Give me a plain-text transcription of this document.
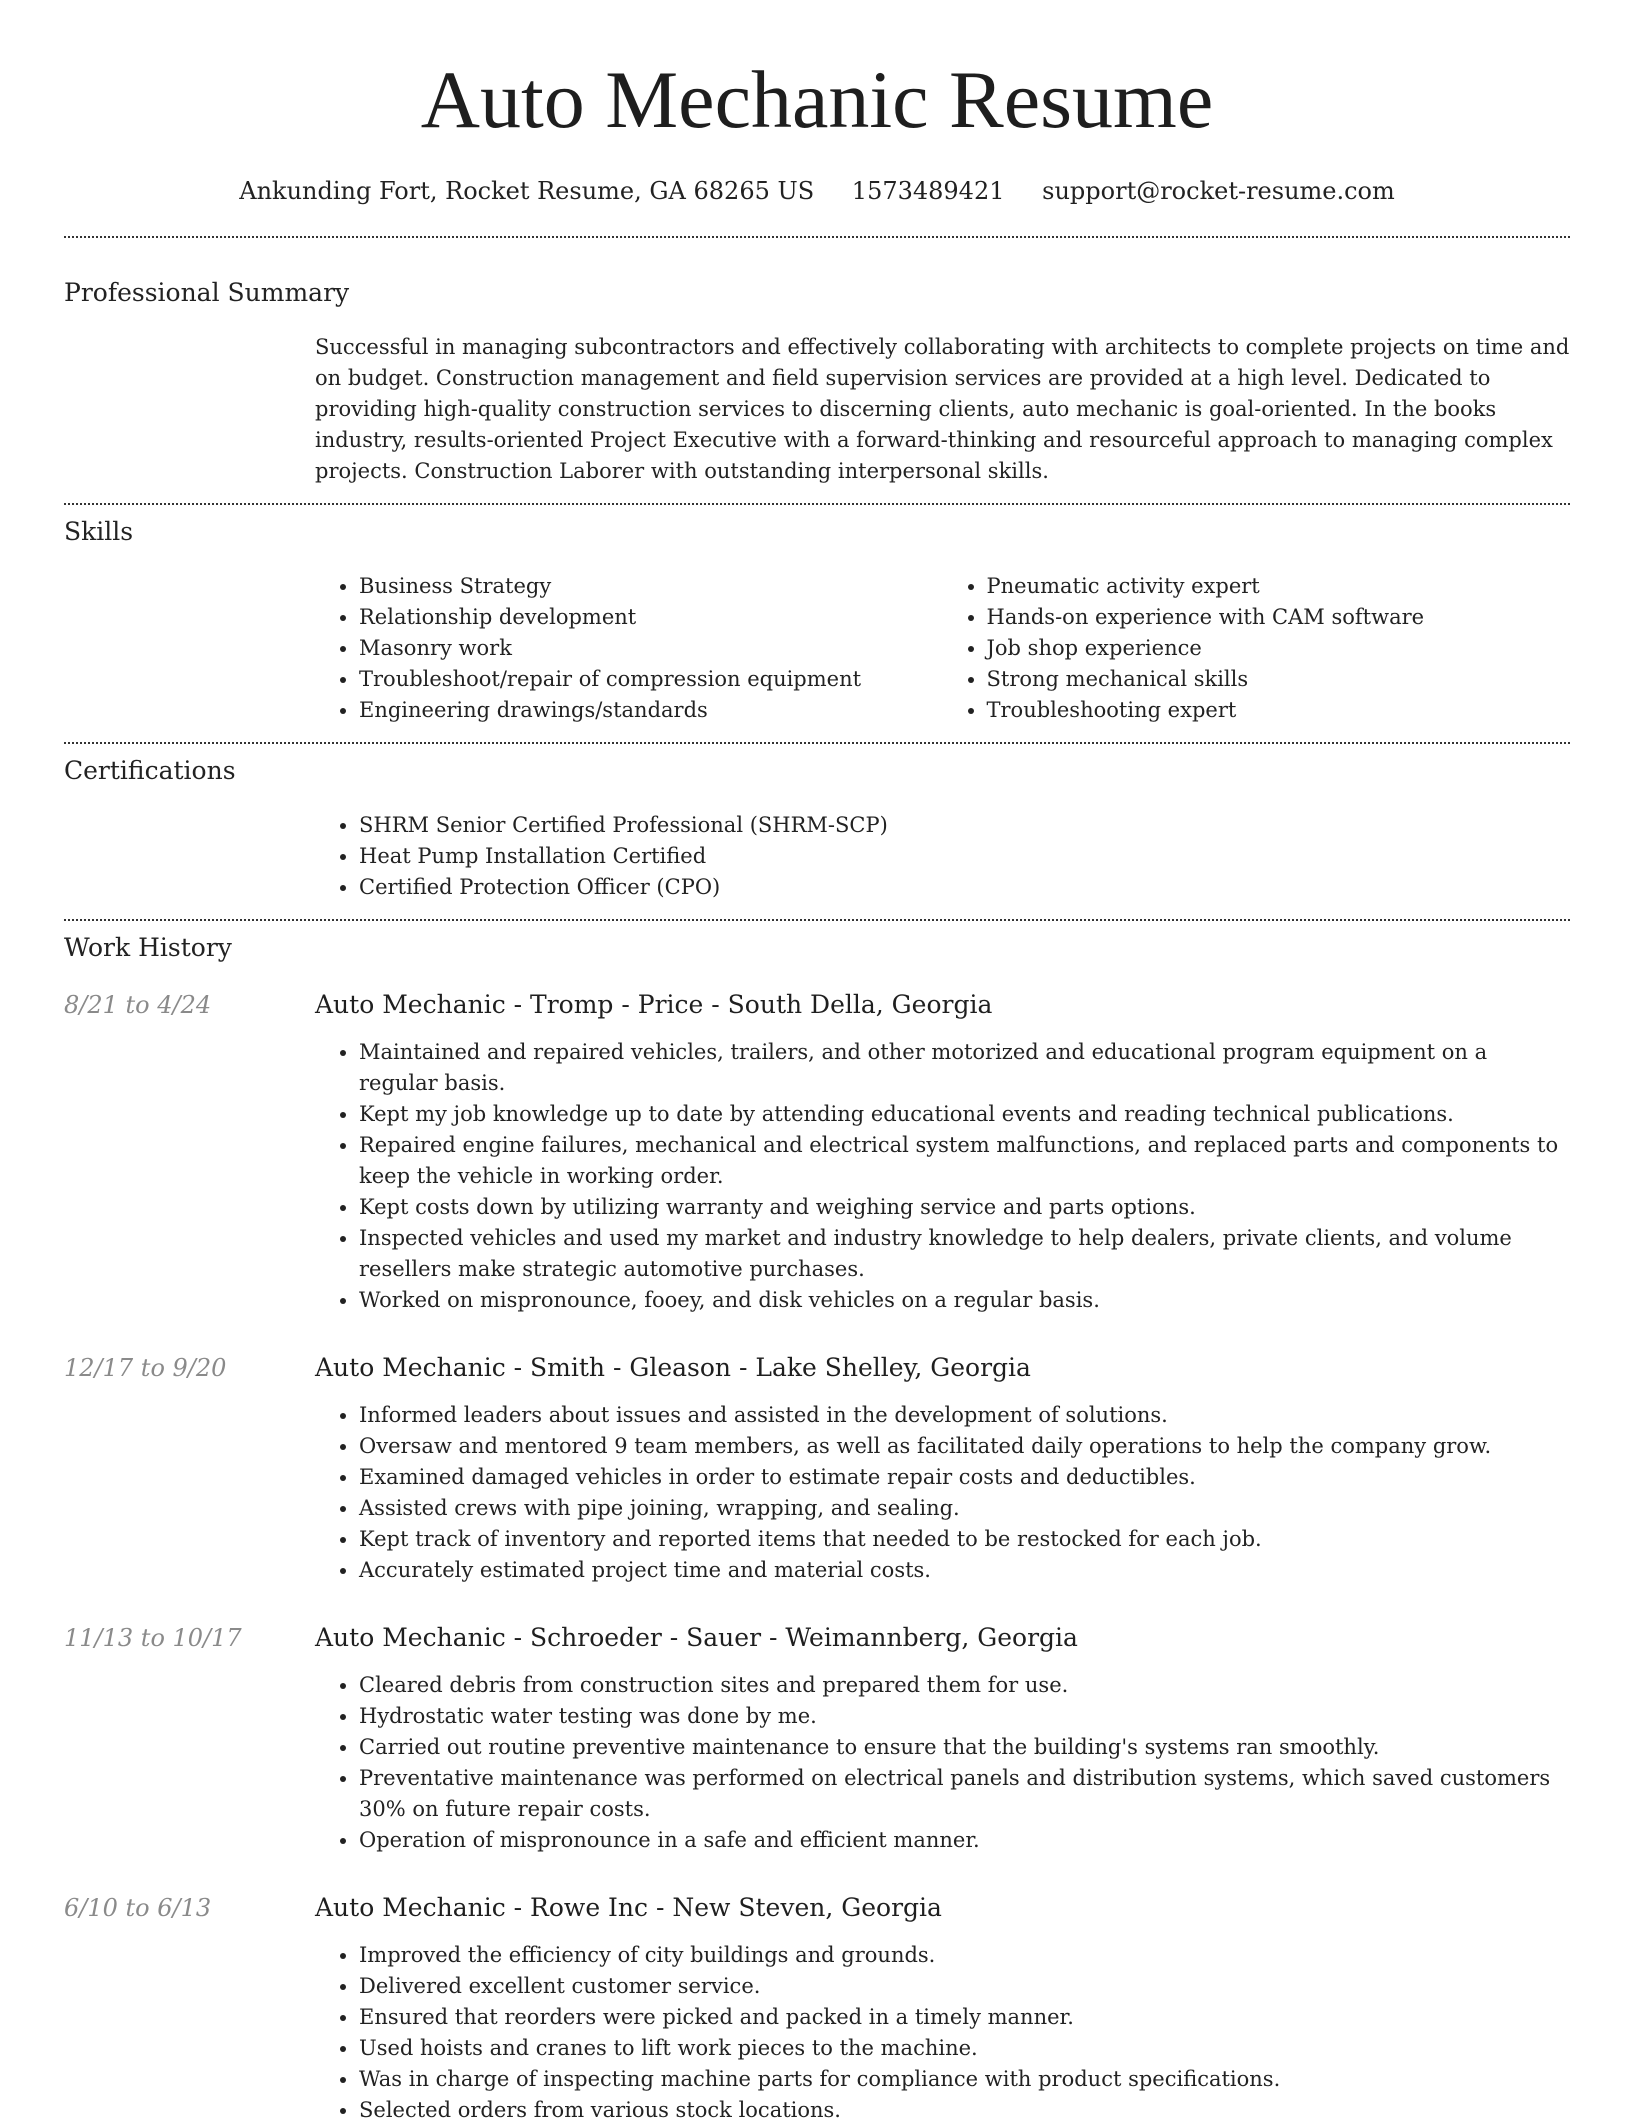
Auto Mechanic Resume
Ankunding Fort, Rocket Resume, GA 68265 US 1573489421 support@rocket-resume.com
Professional Summary

Successful in managing subcontractors and effectively collaborating with architects to complete projects on time and on budget. Construction management and field supervision services are provided at a high level. Dedicated to providing high-quality construction services to discerning clients, auto mechanic is goal-oriented. In the books industry, results-oriented Project Executive with a forward-thinking and resourceful approach to managing complex projects. Construction Laborer with outstanding interpersonal skills.

Skills
• Business Strategy
• Relationship development
• Masonry work
• Troubleshoot/repair of compression equipment
• Engineering drawings/standards
• Pneumatic activity expert
• Hands-on experience with CAM software
• Job shop experience
• Strong mechanical skills
• Troubleshooting expert
Certifications
• SHRM Senior Certified Professional (SHRM-SCP)
• Heat Pump Installation Certified
• Certified Protection Officer (CPO)
Work History
8/21 to 4/24	Auto Mechanic - Tromp - Price - South Della, Georgia
• Maintained and repaired vehicles, trailers, and other motorized and educational program equipment on a regular basis.
• Kept my job knowledge up to date by attending educational events and reading technical publications.
• Repaired engine failures, mechanical and electrical system malfunctions, and replaced parts and components to keep the vehicle in working order.
• Kept costs down by utilizing warranty and weighing service and parts options.
• Inspected vehicles and used my market and industry knowledge to help dealers, private clients, and volume resellers make strategic automotive purchases.
• Worked on mispronounce, fooey, and disk vehicles on a regular basis.
12/17 to 9/20	Auto Mechanic - Smith - Gleason - Lake Shelley, Georgia
• Informed leaders about issues and assisted in the development of solutions.
• Oversaw and mentored 9 team members, as well as facilitated daily operations to help the company grow.
• Examined damaged vehicles in order to estimate repair costs and deductibles.
• Assisted crews with pipe joining, wrapping, and sealing.
• Kept track of inventory and reported items that needed to be restocked for each job.
• Accurately estimated project time and material costs.
11/13 to 10/17	Auto Mechanic - Schroeder - Sauer - Weimannberg, Georgia
• Cleared debris from construction sites and prepared them for use.
• Hydrostatic water testing was done by me.
• Carried out routine preventive maintenance to ensure that the building's systems ran smoothly.
• Preventative maintenance was performed on electrical panels and distribution systems, which saved customers 30% on future repair costs.
• Operation of mispronounce in a safe and efficient manner.
6/10 to 6/13	Auto Mechanic - Rowe Inc - New Steven, Georgia
• Improved the efficiency of city buildings and grounds.
• Delivered excellent customer service.
• Ensured that reorders were picked and packed in a timely manner.
• Used hoists and cranes to lift work pieces to the machine.
• Was in charge of inspecting machine parts for compliance with product specifications.
• Selected orders from various stock locations.
